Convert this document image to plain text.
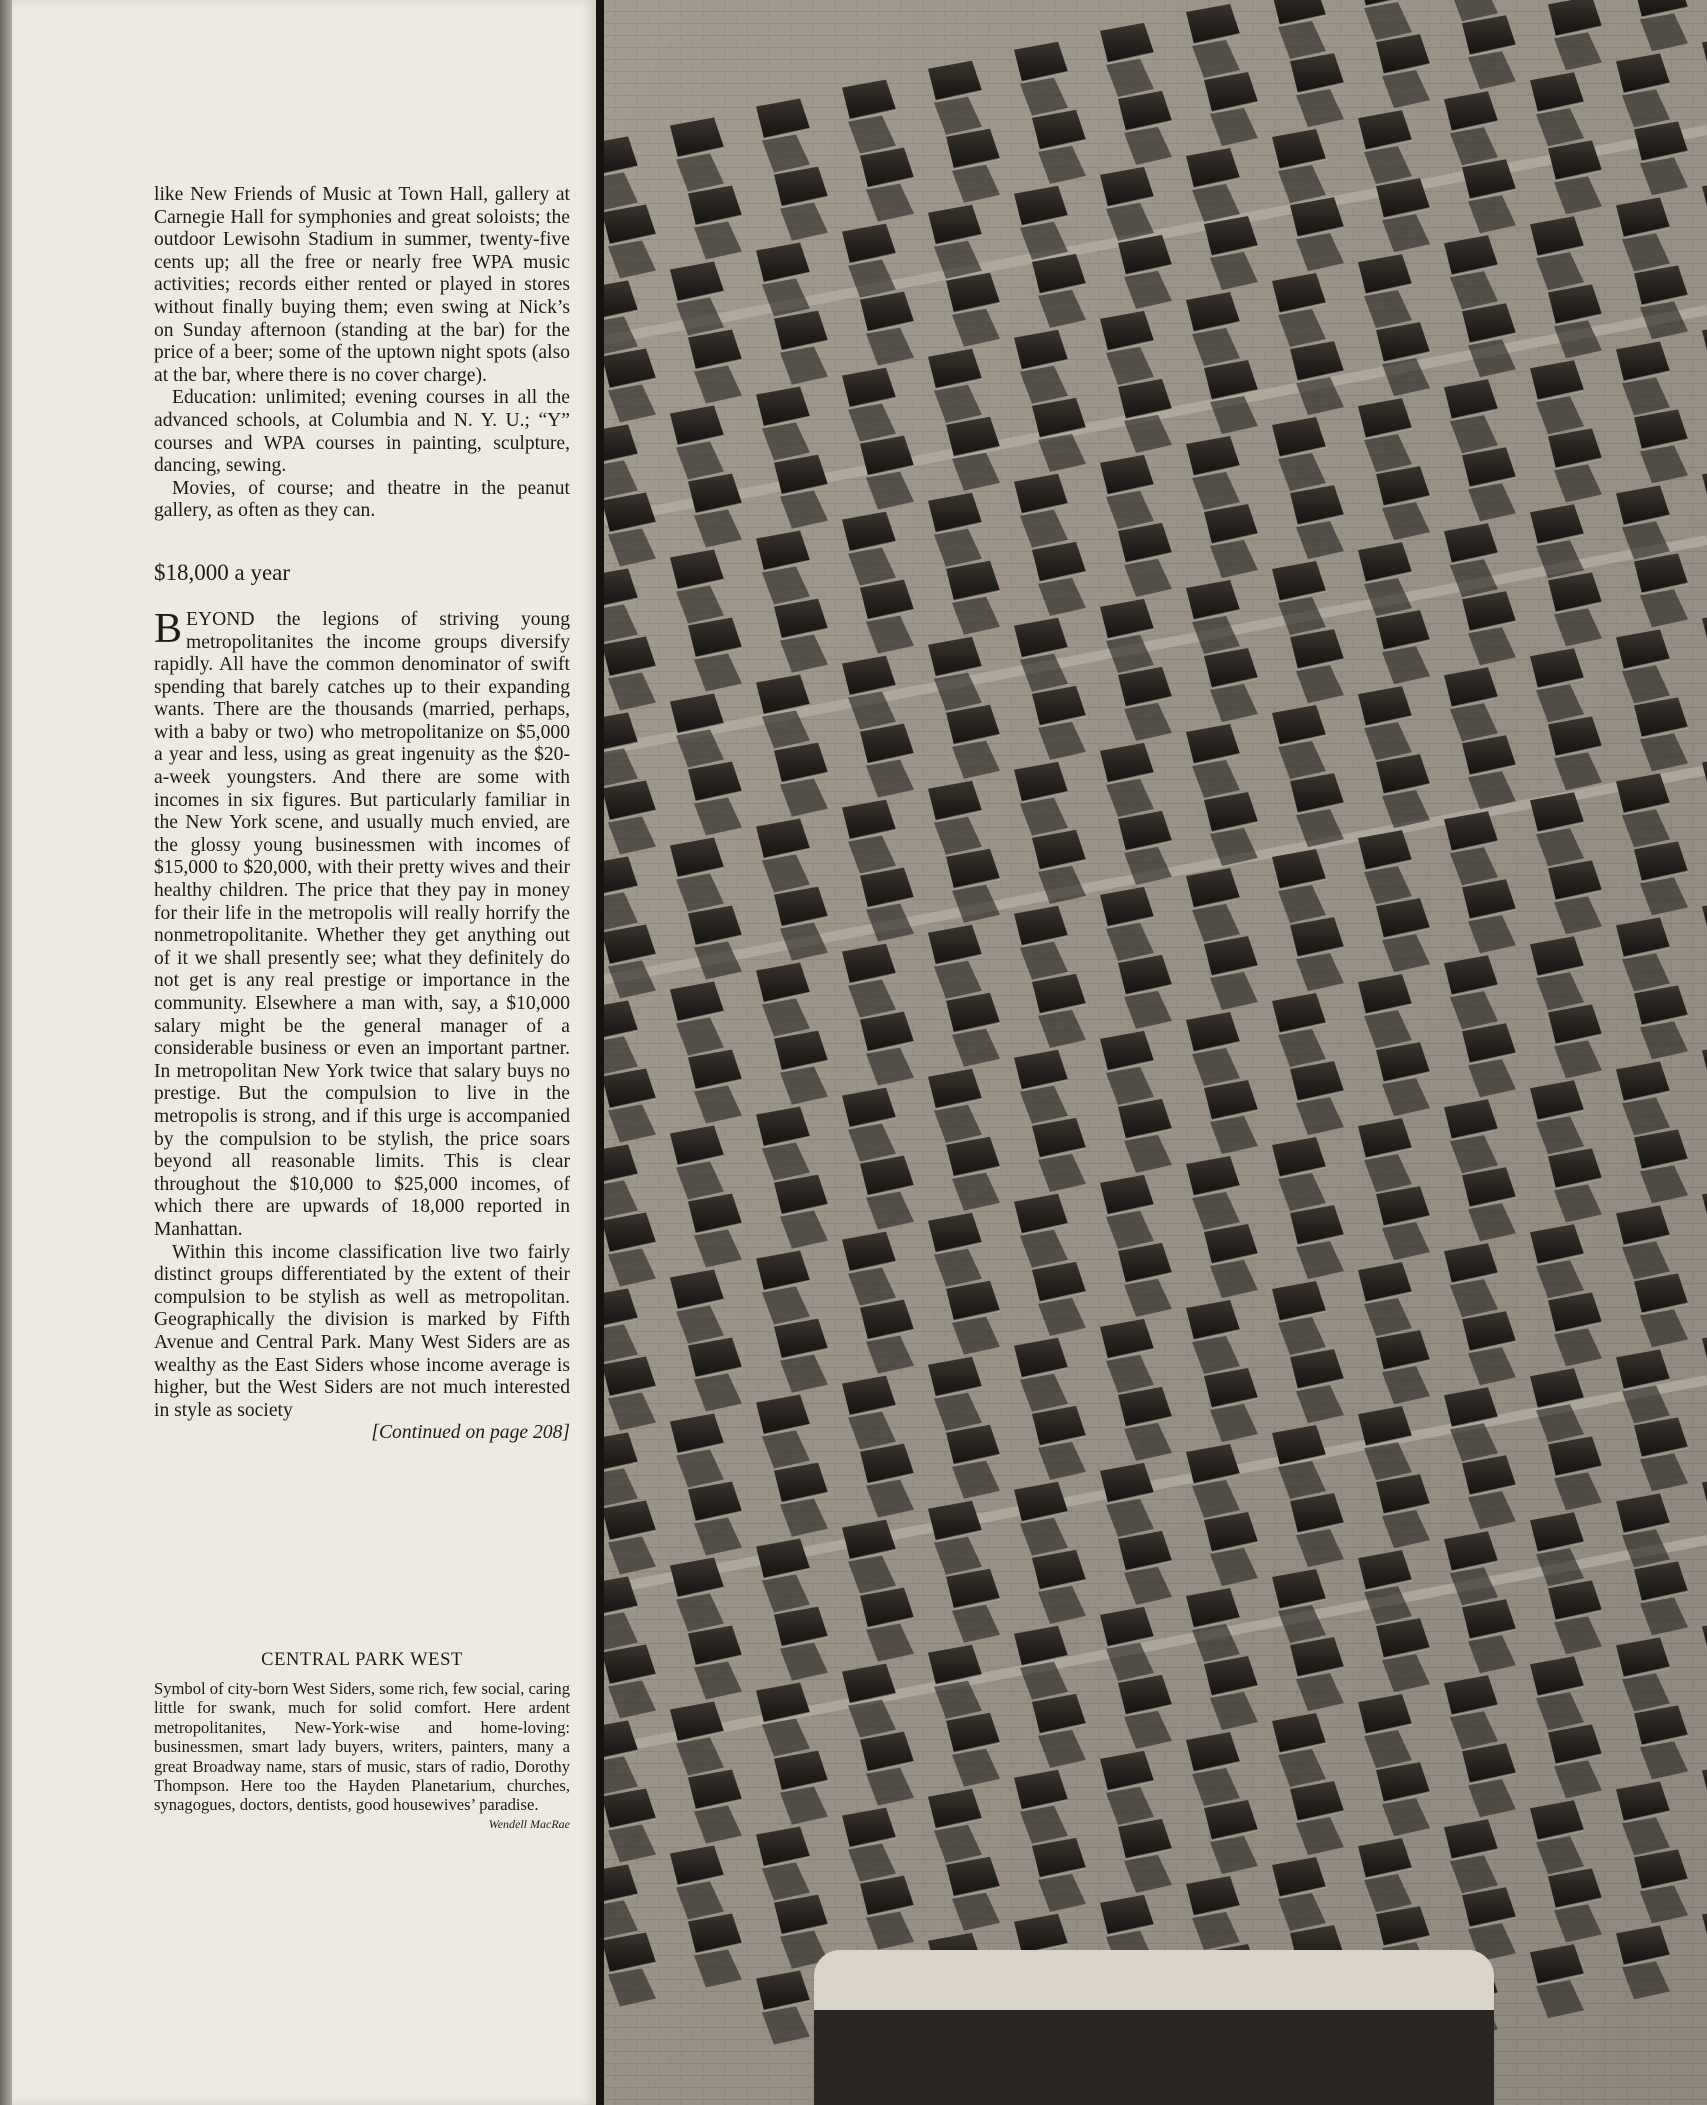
like New Friends of Music at Town Hall, gallery at Carnegie Hall for symphonies and great soloists; the outdoor Lewisohn Stadium in summer, twenty-five cents up; all the free or nearly free WPA music activities; records either rented or played in stores without finally buying them; even swing at Nick’s on Sunday afternoon (standing at the bar) for the price of a beer; some of the uptown night spots (also at the bar, where there is no cover charge).

Education: unlimited; evening courses in all the advanced schools, at Columbia and N. Y. U.; “Y” courses and WPA courses in painting, sculpture, dancing, sewing.

Movies, of course; and theatre in the peanut gallery, as often as they can.

$18,000 a year

BEYOND the legions of striving young metropolitanites the income groups diversify rapidly. All have the common denominator of swift spending that barely catches up to their expanding wants. There are the thousands (married, perhaps, with a baby or two) who metropolitanize on $5,000 a year and less, using as great ingenuity as the $20-a-week youngsters. And there are some with incomes in six figures. But particularly familiar in the New York scene, and usually much envied, are the glossy young businessmen with incomes of $15,000 to $20,000, with their pretty wives and their healthy children. The price that they pay in money for their life in the metropolis will really horrify the nonmetropolitanite. Whether they get anything out of it we shall presently see; what they definitely do not get is any real prestige or importance in the community. Elsewhere a man with, say, a $10,000 salary might be the general manager of a considerable business or even an important partner. In metropolitan New York twice that salary buys no prestige. But the compulsion to live in the metropolis is strong, and if this urge is accompanied by the compulsion to be stylish, the price soars beyond all reasonable limits. This is clear throughout the $10,000 to $25,000 incomes, of which there are upwards of 18,000 reported in Manhattan.

Within this income classification live two fairly distinct groups differentiated by the extent of their compulsion to be stylish as well as metropolitan. Geographically the division is marked by Fifth Avenue and Central Park. Many West Siders are as wealthy as the East Siders whose income average is higher, but the West Siders are not much interested in style as society

[Continued on page 208]

CENTRAL PARK WEST
Symbol of city-born West Siders, some rich, few social, caring little for swank, much for solid comfort. Here ardent metropolitanites, New-York-wise and home-loving: businessmen, smart lady buyers, writers, painters, many a great Broadway name, stars of music, stars of radio, Dorothy Thompson. Here too the Hayden Planetarium, churches, synagogues, doctors, dentists, good housewives’ paradise.
Wendell MacRae
